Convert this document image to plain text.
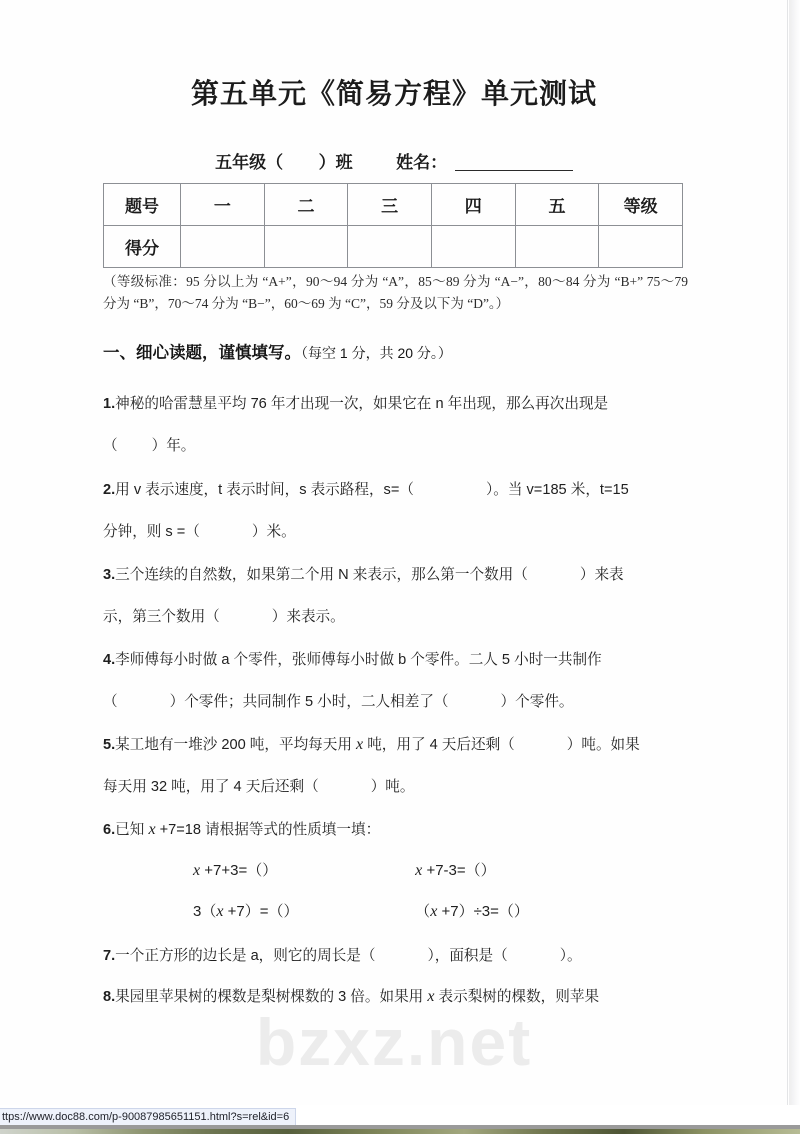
第五单元《简易方程》单元测试
五年级（ ）班	姓名：
题号	一	二	三	四	五	等级
得分						
（等级标准：95 分以上为 “A+”，90～94 分为 “A”，85～89 分为 “A−”，80～84 分为 “B+” 75～79 分为 “B”，70～74 分为 “B−”，60～69 为 “C”，59 分及以下为 “D”。）
一、细心读题，谨慎填写。（每空 1 分，共 20 分。）
1.神秘的哈雷慧星平均 76 年才出现一次，如果它在 n 年出现，那么再次出现是
（ ）年。
2.用 v 表示速度，t 表示时间，s 表示路程，s=（	）。当 v=185 米，t=15
分钟，则 s =（	）米。
3.三个连续的自然数，如果第二个用 N 来表示，那么第一个数用（	）来表
示，第三个数用（	）来表示。
4.李师傅每小时做 a 个零件，张师傅每小时做 b 个零件。二人 5 小时一共制作
（	）个零件；共同制作 5 小时，二人相差了（	）个零件。
5.某工地有一堆沙 200 吨，平均每天用 x 吨，用了 4 天后还剩（	）吨。如果
每天用 32 吨，用了 4 天后还剩（	）吨。
6.已知 x +7=18 请根据等式的性质填一填：
x +7+3=（）	x +7-3=（）
3（x +7）=（）	（x +7）÷3=（）
7.一个正方形的边长是 a，则它的周长是（	），面积是（	）。
8.果园里苹果树的棵数是梨树棵数的 3 倍。如果用 x 表示梨树的棵数，则苹果
bzxz.net
ttps://www.doc88.com/p-90087985651151.html?s=rel&id=6
